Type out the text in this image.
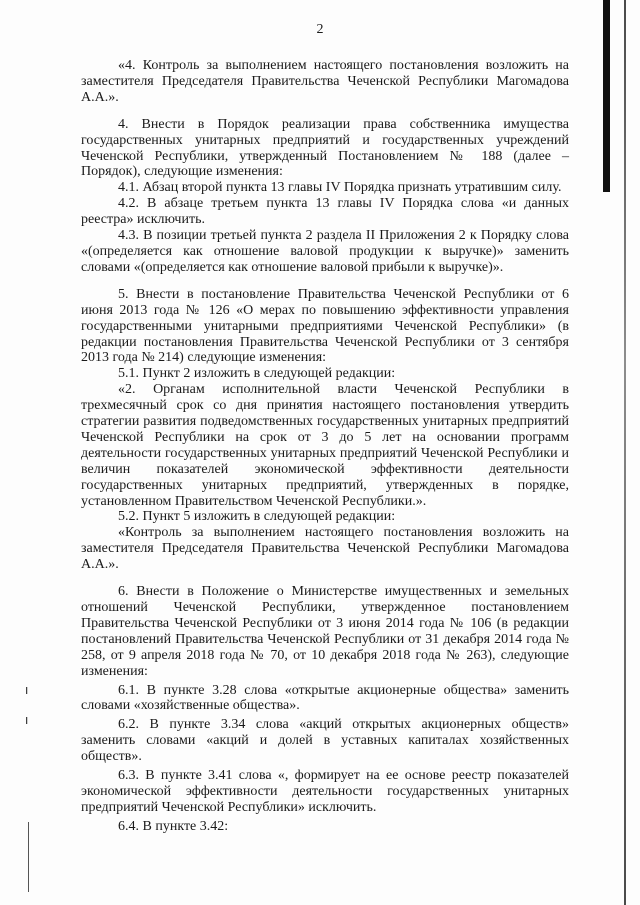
ı
ı
2

«4. Контроль за выполнением настоящего постановления возложить на заместителя Председателя Правительства Чеченской Республики Магомадова А.А.».

4. Внести в Порядок реализации права собственника имущества государственных унитарных предприятий и государственных учреждений Чеченской Республики, утвержденный Постановлением № 188 (далее – Порядок), следующие изменения:

4.1. Абзац второй пункта 13 главы IV Порядка признать утратившим силу.

4.2. В абзаце третьем пункта 13 главы IV Порядка слова «и данных реестра» исключить.

4.3. В позиции третьей пункта 2 раздела II Приложения 2 к Порядку слова «(определяется как отношение валовой продукции к выручке)» заменить словами «(определяется как отношение валовой прибыли к выручке)».

5. Внести в постановление Правительства Чеченской Республики от 6 июня 2013 года № 126 «О мерах по повышению эффективности управления государственными унитарными предприятиями Чеченской Республики» (в редакции постановления Правительства Чеченской Республики от 3 сентября 2013 года № 214) следующие изменения:

5.1. Пункт 2 изложить в следующей редакции:

«2. Органам исполнительной власти Чеченской Республики в трехмесячный срок со дня принятия настоящего постановления утвердить стратегии развития подведомственных государственных унитарных предприятий Чеченской Республики на срок от 3 до 5 лет на основании программ деятельности государственных унитарных предприятий Чеченской Республики и величин показателей экономической эффективности деятельности государственных унитарных предприятий, утвержденных в порядке, установленном Правительством Чеченской Республики.».

5.2. Пункт 5 изложить в следующей редакции:

«Контроль за выполнением настоящего постановления возложить на заместителя Председателя Правительства Чеченской Республики Магомадова А.А.».

6. Внести в Положение о Министерстве имущественных и земельных отношений Чеченской Республики, утвержденное постановлением Правительства Чеченской Республики от 3 июня 2014 года № 106 (в редакции постановлений Правительства Чеченской Республики от 31 декабря 2014 года № 258, от 9 апреля 2018 года № 70, от 10 декабря 2018 года № 263), следующие изменения:

6.1. В пункте 3.28 слова «открытые акционерные общества» заменить словами «хозяйственные общества».

6.2. В пункте 3.34 слова «акций открытых акционерных обществ» заменить словами «акций и долей в уставных капиталах хозяйственных обществ».

6.3. В пункте 3.41 слова «, формирует на ее основе реестр показателей экономической эффективности деятельности государственных унитарных предприятий Чеченской Республики» исключить.

6.4. В пункте 3.42:
